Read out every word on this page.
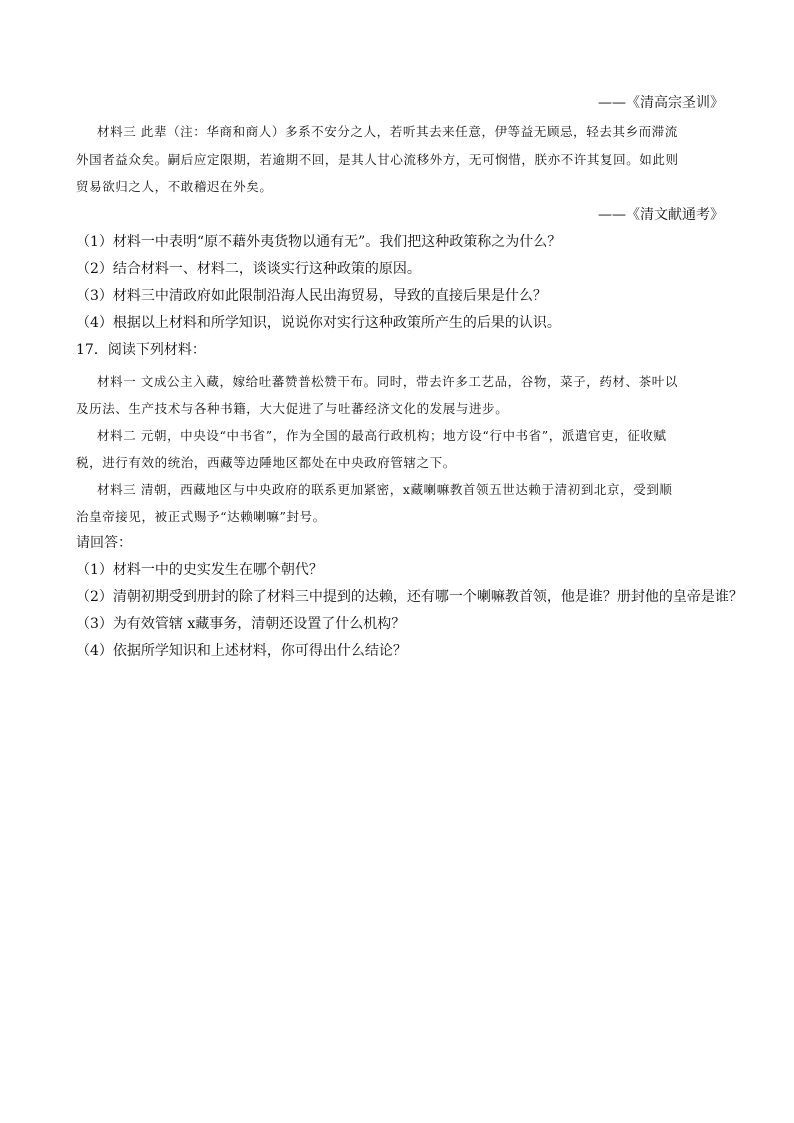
——《清高宗圣训》
材料三 此辈（注：华商和商人）多系不安分之人，若听其去来任意，伊等益无顾忌，轻去其乡而滞流
外国者益众矣。嗣后应定限期，若逾期不回，是其人甘心流移外方，无可悯惜，朕亦不许其复回。如此则
贸易欲归之人，不敢稽迟在外矣。
——《清文献通考》
（1）材料一中表明“原不藉外夷货物以通有无”。我们把这种政策称之为什么？
（2）结合材料一、材料二，谈谈实行这种政策的原因。
（3）材料三中清政府如此限制沿海人民出海贸易，导致的直接后果是什么？
（4）根据以上材料和所学知识，说说你对实行这种政策所产生的后果的认识。
17．阅读下列材料：
材料一 文成公主入藏，嫁给吐蕃赞普松赞干布。同时，带去许多工艺品，谷物，菜子，药材、茶叶以
及历法、生产技术与各种书籍，大大促进了与吐蕃经济文化的发展与进步。
材料二 元朝，中央设“中书省”，作为全国的最高行政机构；地方设“行中书省”，派遣官吏，征收赋
税，进行有效的统治，西藏等边陲地区都处在中央政府管辖之下。
材料三 清朝，西藏地区与中央政府的联系更加紧密，x藏喇嘛教首领五世达赖于清初到北京，受到顺
治皇帝接见，被正式赐予“达赖喇嘛”封号。
请回答：
（1）材料一中的史实发生在哪个朝代？
（2）清朝初期受到册封的除了材料三中提到的达赖，还有哪一个喇嘛教首领，他是谁？册封他的皇帝是谁？
（3）为有效管辖 x藏事务，清朝还设置了什么机构？
（4）依据所学知识和上述材料，你可得出什么结论？
